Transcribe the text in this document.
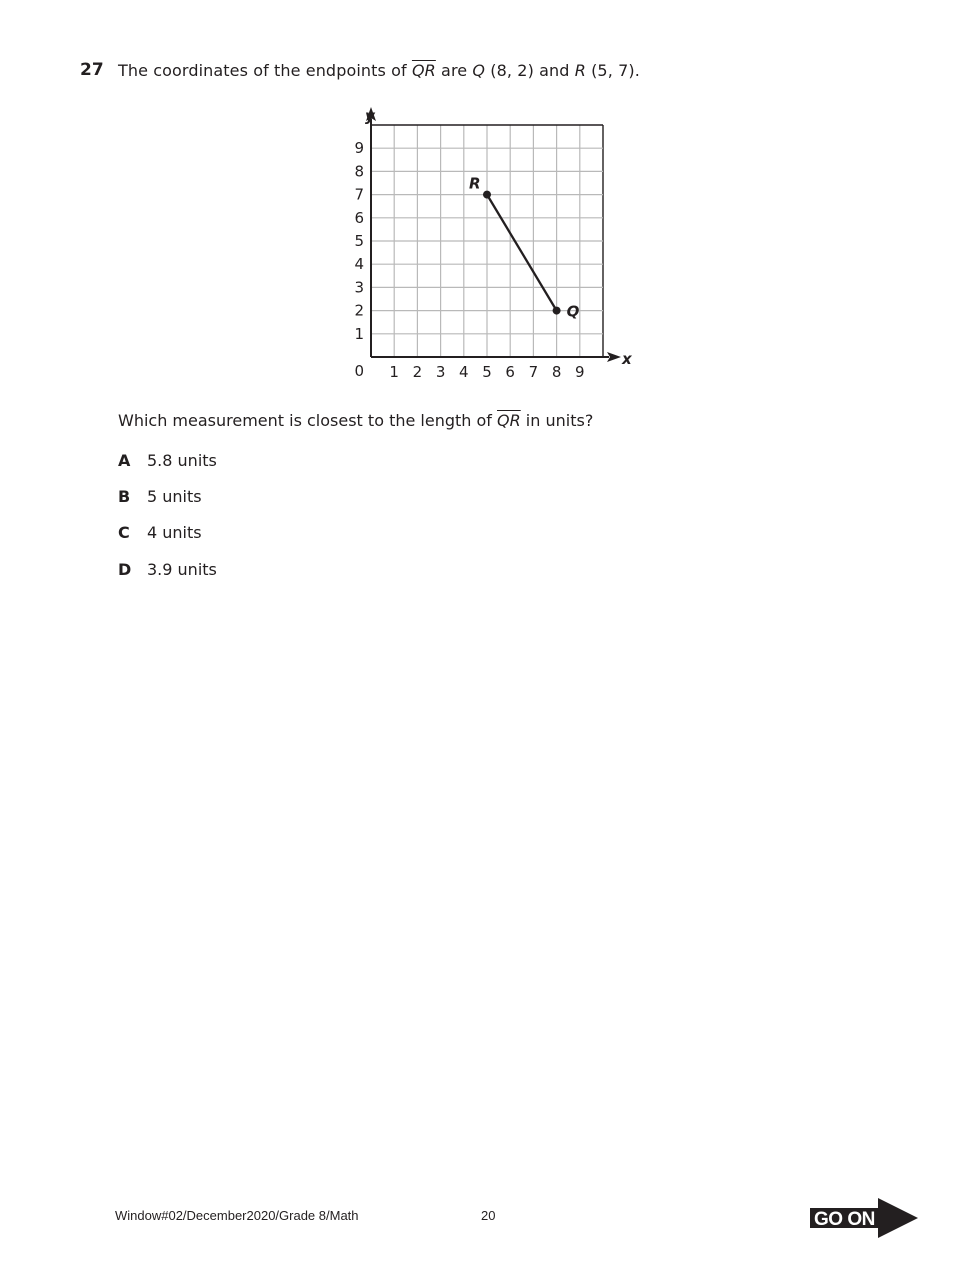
27 The coordinates of the endpoints of $\overline{QR}$ are Q (8, 2) and R (5, 7).
x
y
1 2 3 4 5 6 7 8 9
1
2
3
4
5
6
7
8
9
0
R
Q
Which measurement is closest to the length of $\overline{QR}$ in units?
A 5.8 units
B 5 units
C 4 units
D 3.9 units
Window#02/December2020/Grade 8/Math	20	GO ON
